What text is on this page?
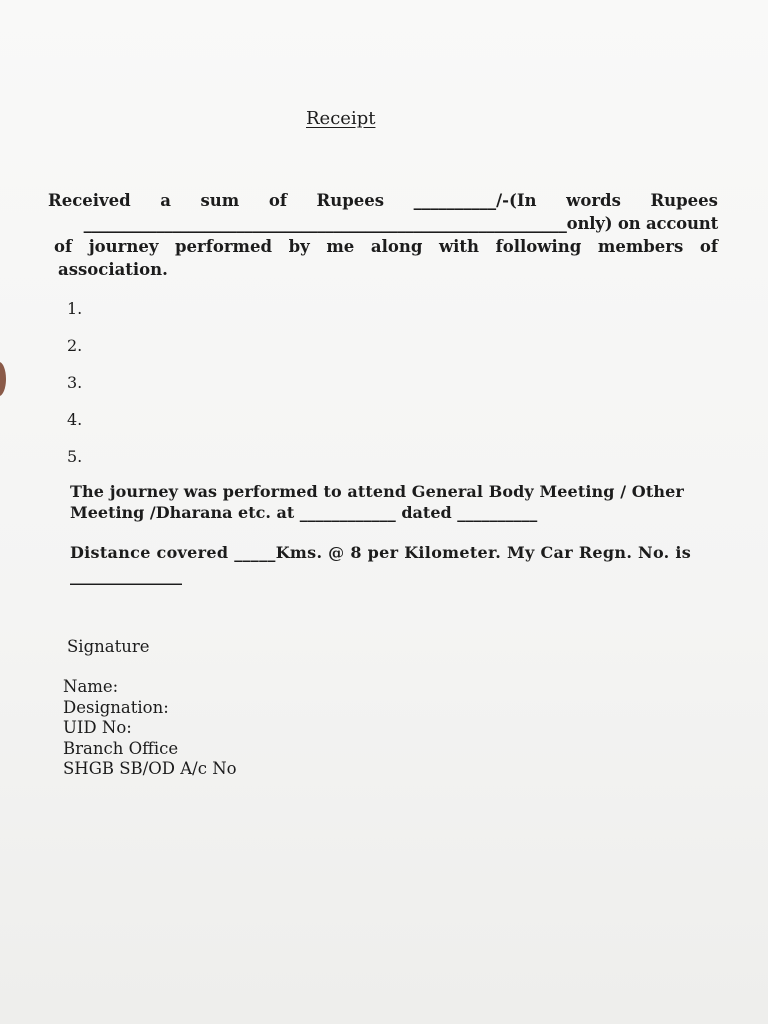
Receipt
Received a sum of Rupees __________/-(In words Rupees
____________________________________________________________only) on account
of journey performed by me along with following members of
association.
1.
2.
3.
4.
5.
The journey was performed to attend General Body Meeting / Other
Meeting /Dharana etc. at ____________ dated __________
Distance covered _____Kms. @ 8 per Kilometer. My Car Regn. No. is
______________
Signature
Name:
Designation:
UID No:
Branch Office
SHGB SB/OD A/c No
